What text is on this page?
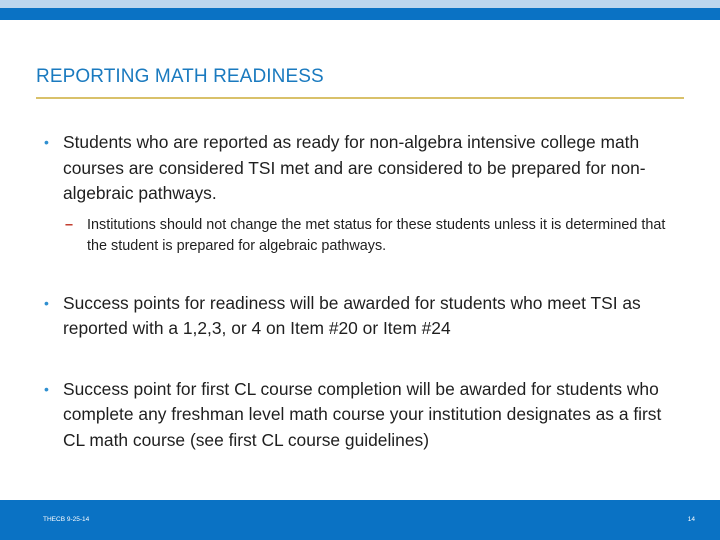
REPORTING MATH READINESS
• Students who are reported as ready for non-algebra intensive college math courses are considered TSI met and are considered to be prepared for non-algebraic pathways.
– Institutions should not change the met status for these students unless it is determined that the student is prepared for algebraic pathways.
• Success points for readiness will be awarded for students who meet TSI as reported with a 1,2,3, or 4 on Item #20 or Item #24
• Success point for first CL course completion will be awarded for students who complete any freshman level math course your institution designates as a first CL math course (see first CL course guidelines)
THECB 9-25-14	14
